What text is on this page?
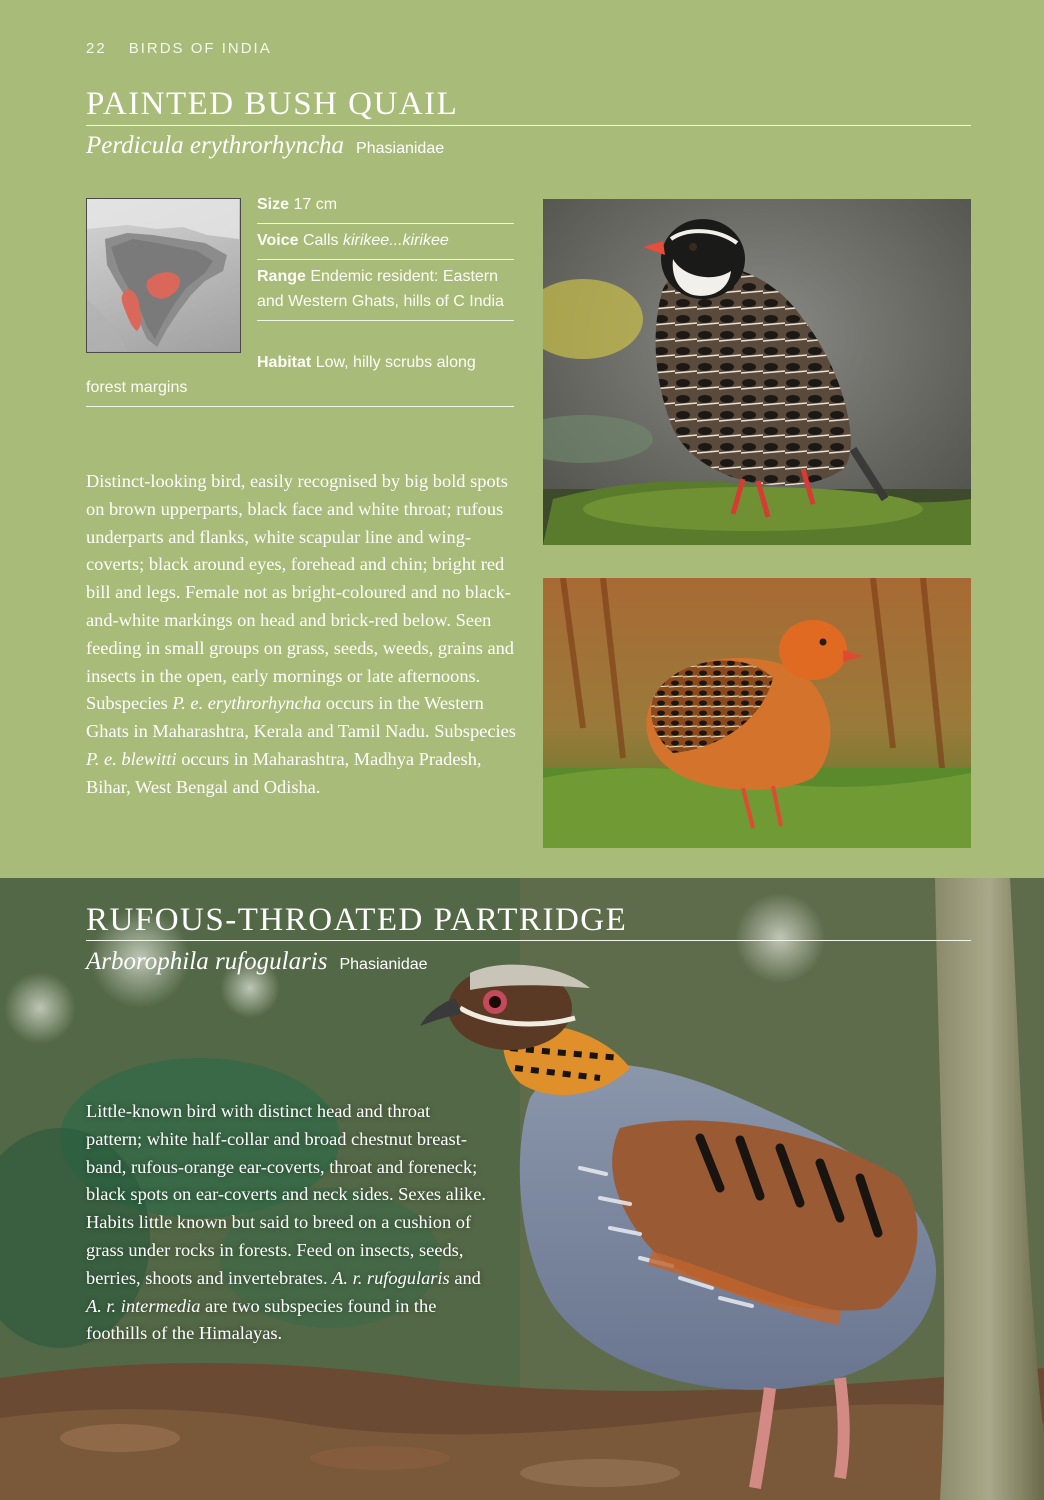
22 BIRDS OF INDIA
PAINTED BUSH QUAIL
Perdicula erythrorhyncha Phasianidae
Size 17 cm
Voice Calls kirikee...kirikee
Range Endemic resident: Eastern and Western Ghats, hills of C India
Habitat Low, hilly scrubs along
forest margins

Distinct-looking bird, easily recognised by big bold spots on brown upperparts, black face and white throat; rufous underparts and flanks, white scapular line and wing-coverts; black around eyes, forehead and chin; bright red bill and legs. Female not as bright-coloured and no black-and-white markings on head and brick-red below. Seen feeding in small groups on grass, seeds, weeds, grains and insects in the open, early mornings or late afternoons. Subspecies P. e. erythrorhyncha occurs in the Western Ghats in Maharashtra, Kerala and Tamil Nadu. Subspecies P. e. blewitti occurs in Maharashtra, Madhya Pradesh, Bihar, West Bengal and Odisha.

RUFOUS-THROATED PARTRIDGE
Arborophila rufogularis Phasianidae

Little-known bird with distinct head and throat pattern; white half-collar and broad chestnut breast-band, rufous-orange ear-coverts, throat and foreneck; black spots on ear-coverts and neck sides. Sexes alike. Habits little known but said to breed on a cushion of grass under rocks in forests. Feed on insects, seeds, berries, shoots and invertebrates. A. r. rufogularis and A. r. intermedia are two subspecies found in the foothills of the Himalayas.
